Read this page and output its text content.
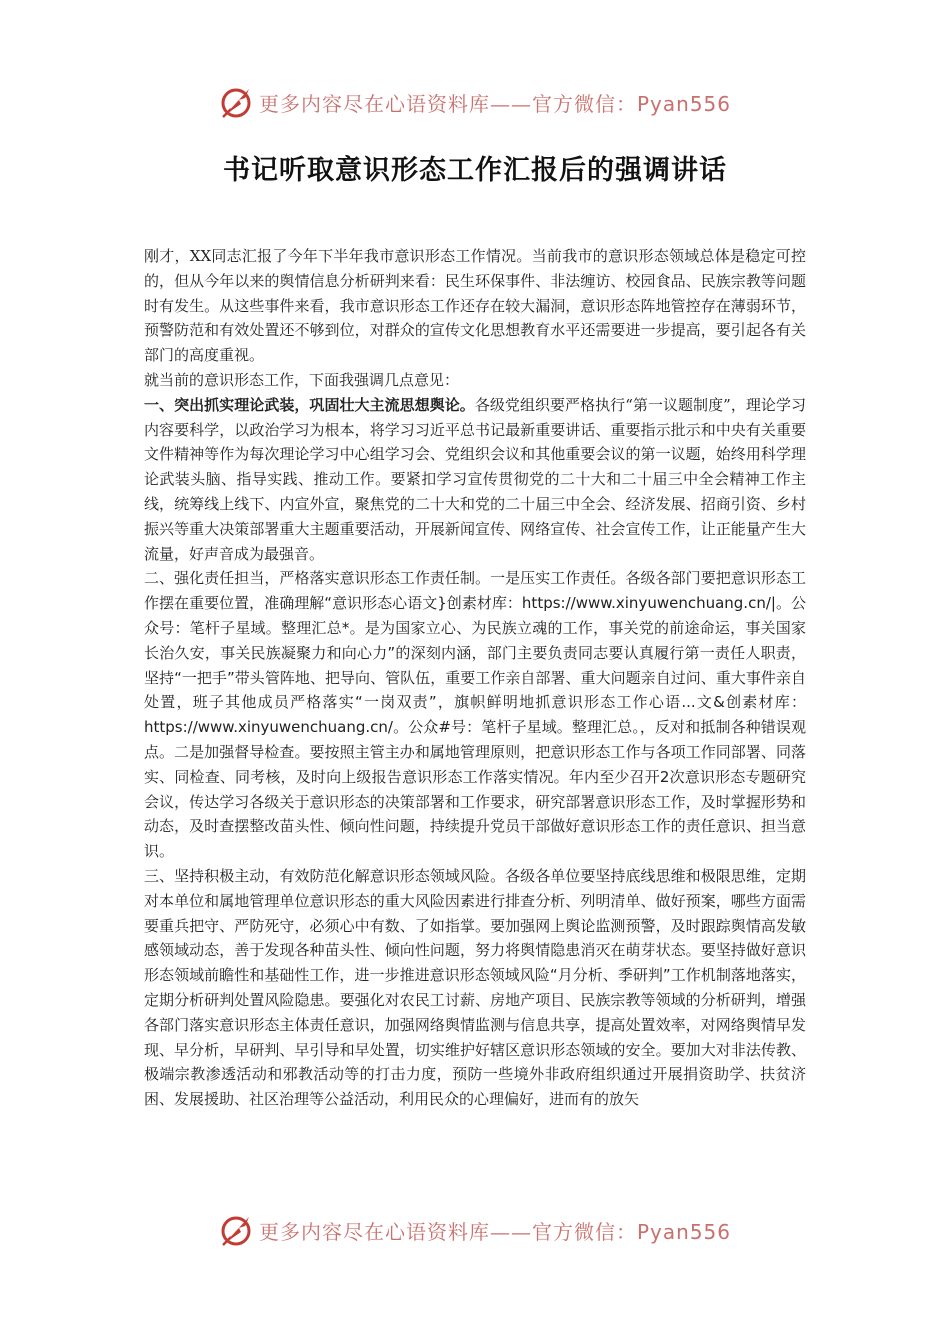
更多内容尽在心语资料库——官方微信：Pyan556
书记听取意识形态工作汇报后的强调讲话

刚才，XX同志汇报了今年下半年我市意识形态工作情况。当前我市的意识形态领域总体是稳定可控的，但从今年以来的舆情信息分析研判来看：民生环保事件、非法缠访、校园食品、民族宗教等问题时有发生。从这些事件来看，我市意识形态工作还存在较大漏洞，意识形态阵地管控存在薄弱环节，预警防范和有效处置还不够到位，对群众的宣传文化思想教育水平还需要进一步提高，要引起各有关部门的高度重视。

就当前的意识形态工作，下面我强调几点意见：

一、突出抓实理论武装，巩固壮大主流思想舆论。各级党组织要严格执行“第一议题制度”，理论学习内容要科学，以政治学习为根本，将学习习近平总书记最新重要讲话、重要指示批示和中央有关重要文件精神等作为每次理论学习中心组学习会、党组织会议和其他重要会议的第一议题，始终用科学理论武装头脑、指导实践、推动工作。要紧扣学习宣传贯彻党的二十大和二十届三中全会精神工作主线，统筹线上线下、内宣外宣，聚焦党的二十大和党的二十届三中全会、经济发展、招商引资、乡村振兴等重大决策部署重大主题重要活动，开展新闻宣传、网络宣传、社会宣传工作，让正能量产生大流量，好声音成为最强音。

二、强化责任担当，严格落实意识形态工作责任制。一是压实工作责任。各级各部门要把意识形态工作摆在重要位置，准确理解“意识形态心语文}创素材库：https://www.xinyuwenchuang.cn/|。公众号：笔杆子星域。整理汇总*。是为国家立心、为民族立魂的工作，事关党的前途命运，事关国家长治久安，事关民族凝聚力和向心力”的深刻内涵，部门主要负责同志要认真履行第一责任人职责，坚持“一把手”带头管阵地、把导向、管队伍，重要工作亲自部署、重大问题亲自过问、重大事件亲自处置，班子其他成员严格落实“一岗双责”，旗帜鲜明地抓意识形态工作心语...文&创素材库：https://www.xinyuwenchuang.cn/。公众#号：笔杆子星域。整理汇总。，反对和抵制各种错误观点。二是加强督导检查。要按照主管主办和属地管理原则，把意识形态工作与各项工作同部署、同落实、同检查、同考核，及时向上级报告意识形态工作落实情况。年内至少召开2次意识形态专题研究会议，传达学习各级关于意识形态的决策部署和工作要求，研究部署意识形态工作，及时掌握形势和动态，及时查摆整改苗头性、倾向性问题，持续提升党员干部做好意识形态工作的责任意识、担当意识。

三、坚持积极主动，有效防范化解意识形态领域风险。各级各单位要坚持底线思维和极限思维，定期对本单位和属地管理单位意识形态的重大风险因素进行排查分析、列明清单、做好预案，哪些方面需要重兵把守、严防死守，必须心中有数、了如指掌。要加强网上舆论监测预警，及时跟踪舆情高发敏感领域动态，善于发现各种苗头性、倾向性问题，努力将舆情隐患消灭在萌芽状态。要坚持做好意识形态领域前瞻性和基础性工作，进一步推进意识形态领域风险“月分析、季研判”工作机制落地落实，定期分析研判处置风险隐患。要强化对农民工讨薪、房地产项目、民族宗教等领域的分析研判，增强各部门落实意识形态主体责任意识，加强网络舆情监测与信息共享，提高处置效率，对网络舆情早发现、早分析，早研判、早引导和早处置，切实维护好辖区意识形态领域的安全。要加大对非法传教、极端宗教渗透活动和邪教活动等的打击力度，预防一些境外非政府组织通过开展捐资助学、扶贫济困、发展援助、社区治理等公益活动，利用民众的心理偏好，进而有的放矢

更多内容尽在心语资料库——官方微信：Pyan556
